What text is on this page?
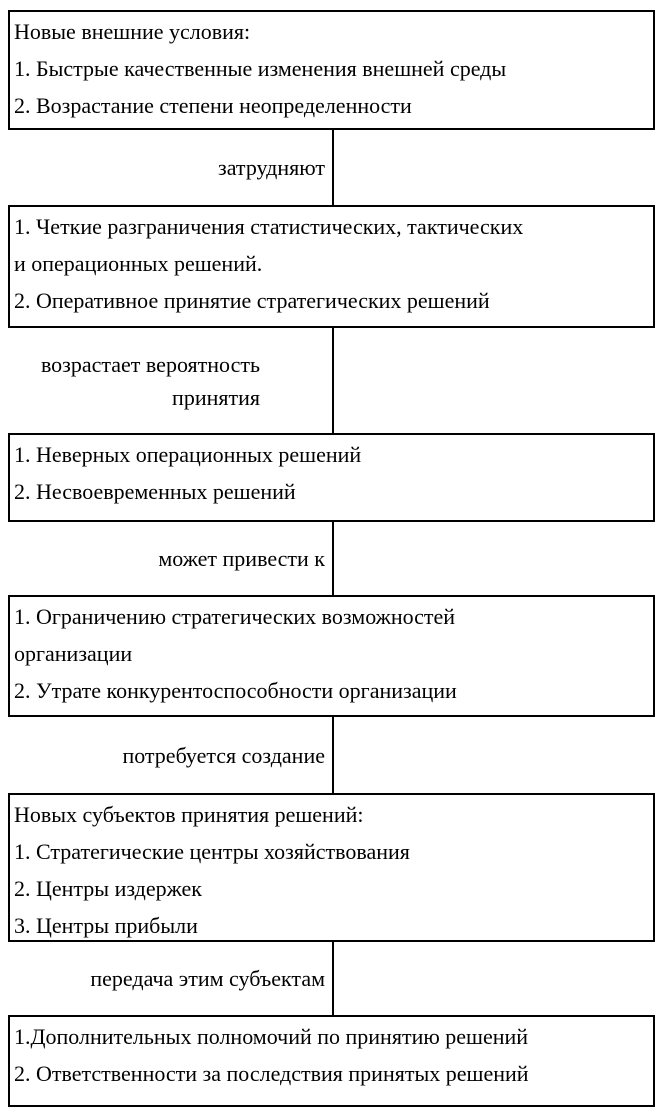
Новые внешние условия:
1. Быстрые качественные изменения внешней среды
2. Возрастание степени неопределенности
затрудняют
1. Четкие разграничения статистических, тактических
и операционных решений.
2. Оперативное принятие стратегических решений
возрастает вероятность принятия
1. Неверных операционных решений
2. Несвоевременных решений
может привести к
1. Ограничению стратегических возможностей
организации
2. Утрате конкурентоспособности организации
потребуется создание
Новых субъектов принятия решений:
1. Стратегические центры хозяйствования
2. Центры издержек
3. Центры прибыли
передача этим субъектам
1.Дополнительных полномочий по принятию решений
2. Ответственности за последствия принятых решений
